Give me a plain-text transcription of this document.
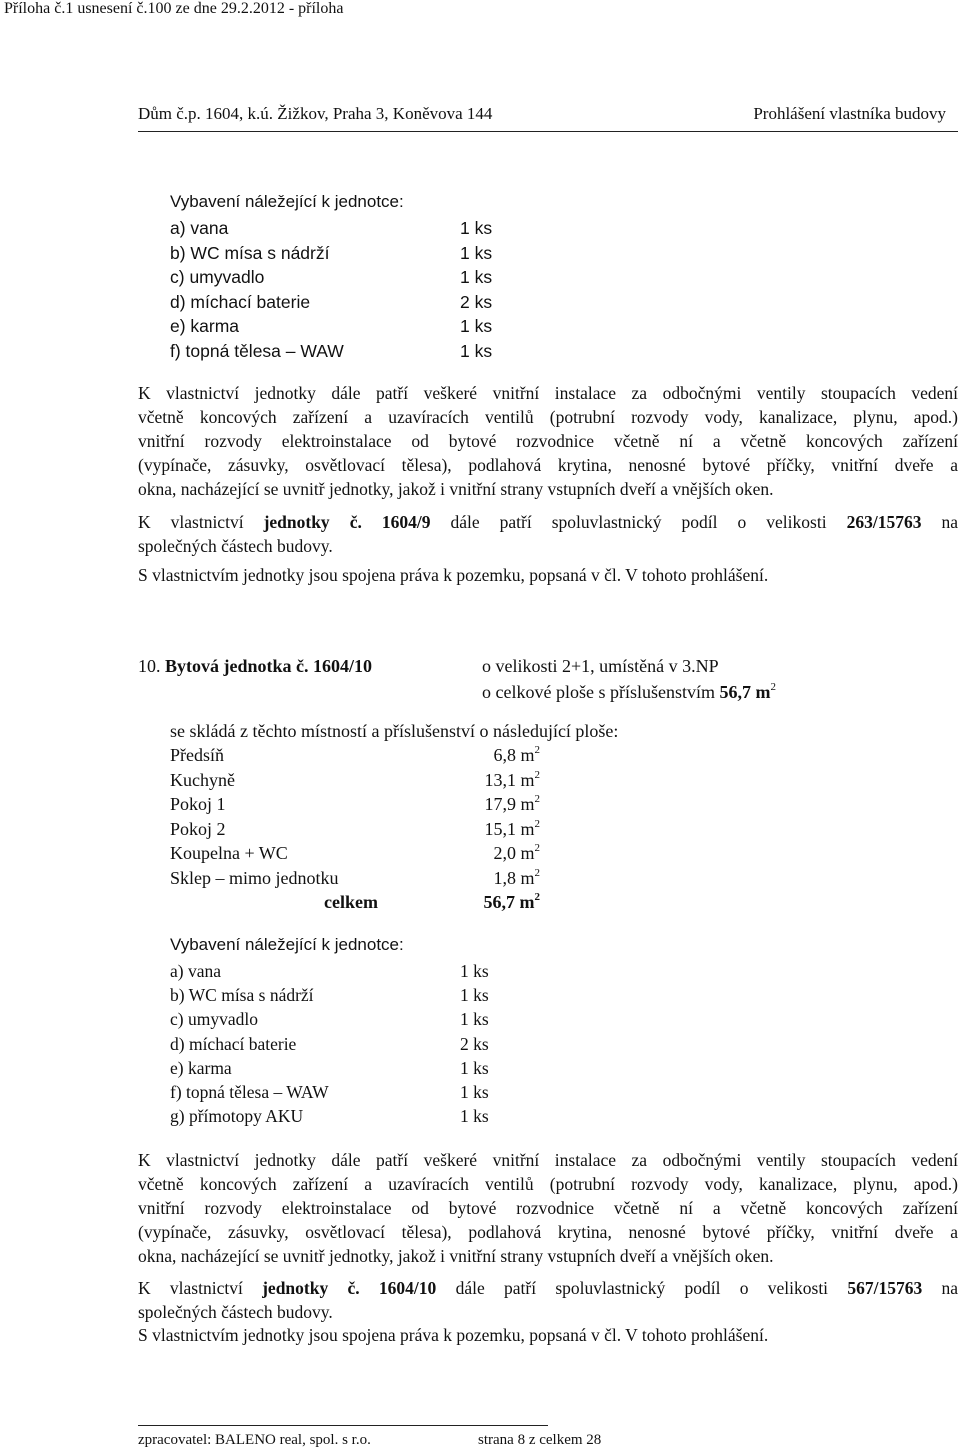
Příloha č.1 usnesení č.100 ze dne 29.2.2012 - příloha
Dům č.p. 1604, k.ú. Žižkov, Praha 3, Koněvova 144	Prohlášení vlastníka budovy
Vybavení náležející k jednotce:
a) vana	1 ks
b) WC mísa s nádrží	1 ks
c) umyvadlo	1 ks
d) míchací baterie	2 ks
e) karma	1 ks
f) topná tělesa – WAW	1 ks
K vlastnictví jednotky dále patří veškeré vnitřní instalace za odbočnými ventily stoupacích vedení
včetně koncových zařízení a uzavíracích ventilů (potrubní rozvody vody, kanalizace, plynu, apod.)
vnitřní rozvody elektroinstalace od bytové rozvodnice včetně ní a včetně koncových zařízení
(vypínače, zásuvky, osvětlovací tělesa), podlahová krytina, nenosné bytové příčky, vnitřní dveře a
okna, nacházející se uvnitř jednotky, jakož i vnitřní strany vstupních dveří a vnějších oken.
K vlastnictví jednotky č. 1604/9 dále patří spoluvlastnický podíl o velikosti 263/15763 na
společných částech budovy.
S vlastnictvím jednotky jsou spojena práva k pozemku, popsaná v čl. V tohoto prohlášení.
10. Bytová jednotka č. 1604/10	o velikosti 2+1, umístěná v 3.NP
o celkové ploše s příslušenstvím 56,7 $m^2$
se skládá z těchto místností a příslušenství o následující ploše:
Předsíň	6,8 $m^2$
Kuchyně	13,1 $m^2$
Pokoj 1	17,9 $m^2$
Pokoj 2	15,1 $m^2$
Koupelna + WC	2,0 $m^2$
Sklep – mimo jednotku	1,8 $m^2$
celkem	56,7 $m^2$
Vybavení náležející k jednotce:
a) vana	1 ks
b) WC mísa s nádrží	1 ks
c) umyvadlo	1 ks
d) míchací baterie	2 ks
e) karma	1 ks
f) topná tělesa – WAW	1 ks
g) přímotopy AKU	1 ks
K vlastnictví jednotky dále patří veškeré vnitřní instalace za odbočnými ventily stoupacích vedení
včetně koncových zařízení a uzavíracích ventilů (potrubní rozvody vody, kanalizace, plynu, apod.)
vnitřní rozvody elektroinstalace od bytové rozvodnice včetně ní a včetně koncových zařízení
(vypínače, zásuvky, osvětlovací tělesa), podlahová krytina, nenosné bytové příčky, vnitřní dveře a
okna, nacházející se uvnitř jednotky, jakož i vnitřní strany vstupních dveří a vnějších oken.
K vlastnictví jednotky č. 1604/10 dále patří spoluvlastnický podíl o velikosti 567/15763 na
společných částech budovy.
S vlastnictvím jednotky jsou spojena práva k pozemku, popsaná v čl. V tohoto prohlášení.
zpracovatel: BALENO real, spol. s r.o.	strana 8 z celkem 28
